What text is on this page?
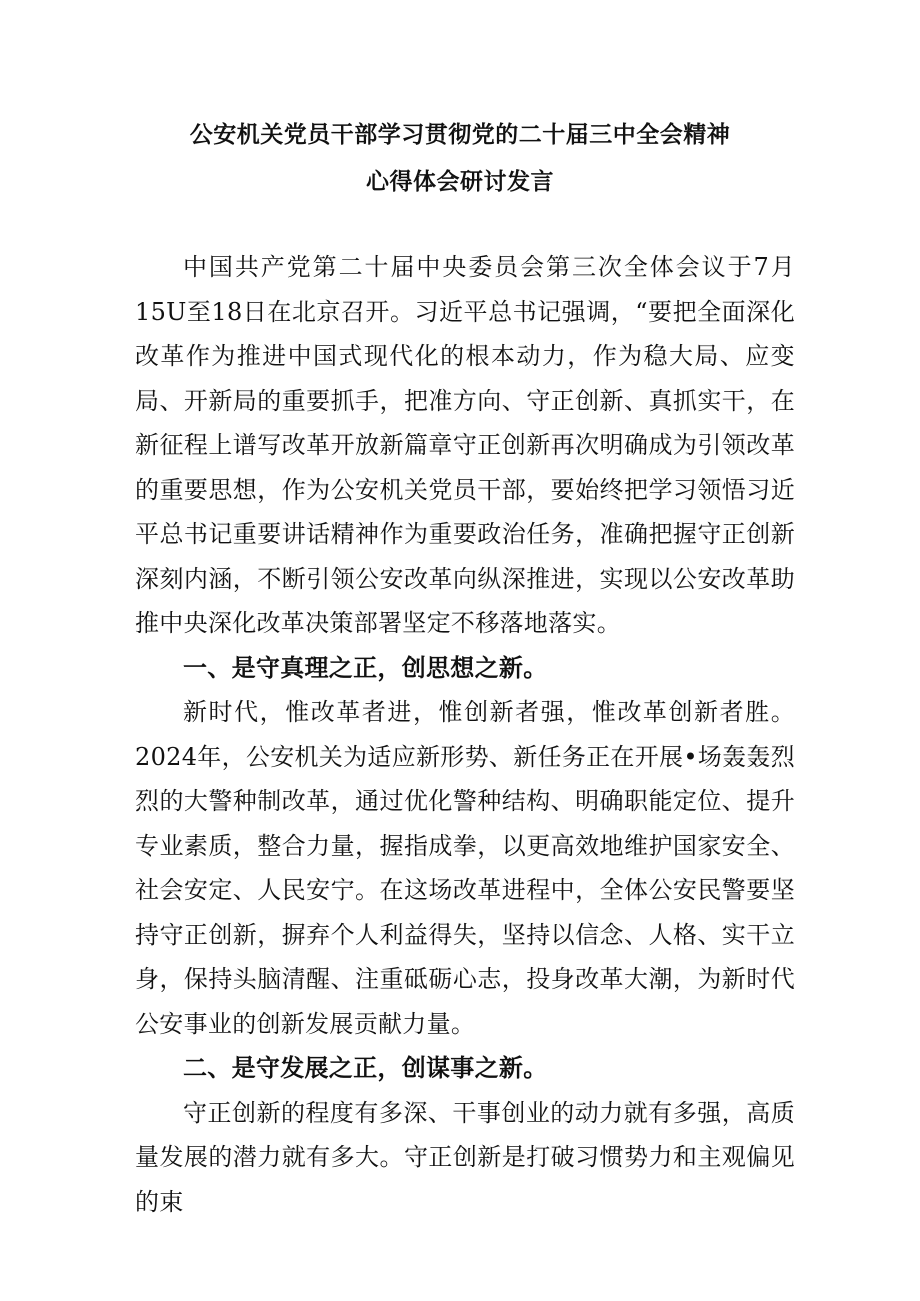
公安机关党员干部学习贯彻党的二十届三中全会精神
心得体会研讨发言

中国共产党第二十届中央委员会第三次全体会议于7月15U至18日在北京召开。习近平总书记强调，“要把全面深化改革作为推进中国式现代化的根本动力，作为稳大局、应变局、开新局的重要抓手，把准方向、守正创新、真抓实干，在新征程上谱写改革开放新篇章守正创新再次明确成为引领改革的重要思想，作为公安机关党员干部，要始终把学习领悟习近平总书记重要讲话精神作为重要政治任务，准确把握守正创新深刻内涵，不断引领公安改革向纵深推进，实现以公安改革助推中央深化改革决策部署坚定不移落地落实。

一、是守真理之正，创思想之新。

新时代，惟改革者进，惟创新者强，惟改革创新者胜。2024年，公安机关为适应新形势、新任务正在开展•场轰轰烈烈的大警种制改革，通过优化警种结构、明确职能定位、提升专业素质，整合力量，握指成拳，以更高效地维护国家安全、社会安定、人民安宁。在这场改革进程中，全体公安民警要坚持守正创新，摒弃个人利益得失，坚持以信念、人格、实干立身，保持头脑清醒、注重砥砺心志，投身改革大潮，为新时代公安事业的创新发展贡献力量。

二、是守发展之正，创谋事之新。

守正创新的程度有多深、干事创业的动力就有多强，高质量发展的潜力就有多大。守正创新是打破习惯势力和主观偏见的束
